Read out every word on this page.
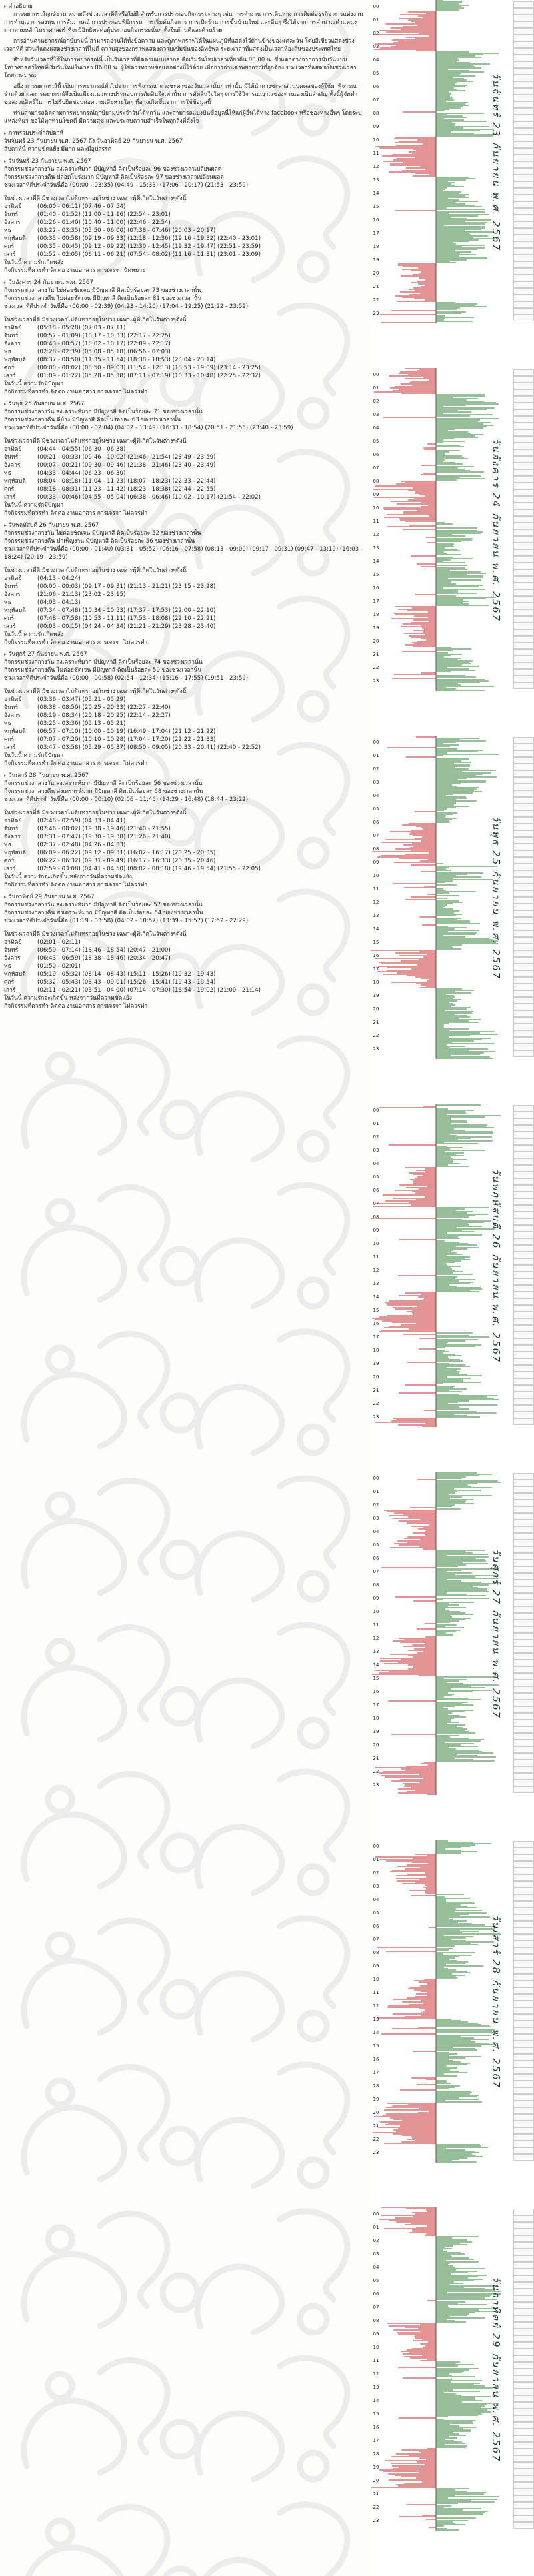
▸ คำอธิบาย

การพยากรณ์ฤกษ์ยาม หมายถึงช่วงเวลาที่ดีหรือไม่ดี สำหรับการประกอบกิจกรรมต่างๆ เช่น การทำงาน การเดินทาง การติดต่อธุรกิจ การแต่งงาน การทำบุญ การลงทุน การสัมภาษณ์ การประกอบพิธีกรรม การเริ่มต้นกิจการ การเปิดร้าน การขึ้นบ้านใหม่ และอื่นๆ ซึ่งได้จากการคำนวณตำแหน่งดาวตามหลักโหราศาสตร์ ที่จะมีอิทธิพลต่อผู้ประกอบกิจกรรมนั้นๆ ทั้งในด้านดีและด้านร้าย

การอ่านค่าพยากรณ์ฤกษ์ยามนี้ สามารถอ่านได้ทั้งข้อความ และดูภาพกราฟได้ในแผนภูมิที่แสดงไว้ด้านข้างของแต่ละวัน โดยสีเขียวแสดงช่วงเวลาที่ดี ส่วนสีแดงแสดงช่วงเวลาที่ไม่ดี ความสูงของกราฟแสดงความเข้มข้นของอิทธิพล ระยะเวลาที่แสดงเป็นเวลาท้องถิ่นของประเทศไทย

สำหรับวันเวลาที่ใช้ในการพยากรณ์นี้ เป็นวันเวลาที่คิดตามแบบสากล คือเริ่มวันใหม่เวลาเที่ยงคืน 00.00 น. ซึ่งแตกต่างจากการนับวันแบบโหราศาสตร์ไทยที่เริ่มวันใหม่ในเวลา 06.00 น. ผู้ใช้ควรทราบข้อแตกต่างนี้ไว้ด้วย เพื่อการอ่านค่าพยากรณ์ที่ถูกต้อง ช่วงเวลาที่แสดงเป็นช่วงเวลาโดยประมาณ

อนึ่ง การพยากรณ์นี้ เป็นการพยากรณ์ทั่วไปจากการพิจารณาดวงชะตาของวันเวลานั้นๆ เท่านั้น มิได้นำดวงชะตาส่วนบุคคลของผู้ใช้มาพิจารณาร่วมด้วย ผลการพยากรณ์จึงเป็นเพียงแนวทางประกอบการตัดสินใจเท่านั้น การตัดสินใจใดๆ ควรใช้วิจารณญาณของท่านเองเป็นสำคัญ ทั้งนี้ผู้จัดทำขอสงวนสิทธิ์ในการไม่รับผิดชอบต่อความเสียหายใดๆ ที่อาจเกิดขึ้นจากการใช้ข้อมูลนี้

ท่านสามารถติดตามการพยากรณ์ฤกษ์ยามประจำวันได้ทุกวัน และสามารถแบ่งปันข้อมูลนี้ให้แก่ผู้อื่นได้ทาง facebook หรือช่องทางอื่นๆ โดยระบุแหล่งที่มา ขอให้ทุกท่านโชคดี มีความสุข และประสบความสำเร็จในทุกสิ่งที่ตั้งใจ

▸ ภาพรวมประจำสัปดาห์
วันจันทร์ 23 กันยายน พ.ศ. 2567 ถึง วันอาทิตย์ 29 กันยายน พ.ศ. 2567
สัปดาห์นี้ ความขัดแย้ง มีมาก และมีอุปสรรค
▸ วันจันทร์ 23 กันยายน พ.ศ. 2567
กิจกรรมช่วงกลางวัน สงเคราะห์มาก มีปัญหาสี คิดเป็นร้อยละ 96 ของช่วงเวลาเปลี่ยนผลด
กิจกรรมช่วงกลางคืน ปลอดโปร่งมาก มีปัญหาสี คิดเป็นร้อยละ 97 ของช่วงเวลาเปลี่ยนผลด
ช่วงเวลาที่ดีประจำวันนี้คือ (00:00 - 03:35) (04:49 - 15:33) (17:06 - 20:17) (21:53 - 23:59)
ในช่วงเวลาที่ดี มีช่วงเวลาไม่ดีแทรกอยู่ในช่วง เฉพาะผู้ที่เกิดในวันต่างๆดังนี้
อาทิตย์	(06:00 - 06:11) (07:46 - 07:54)
จันทร์	(01:40 - 01:52) (11:00 - 11:16) (22:54 - 23:01)
อังคาร	(01:26 - 01:40) (10:40 - 11:00) (22:46 - 22:54)
พุธ	(03:22 - 03:35) (05:50 - 06:00) (07:38 - 07:46) (20:03 - 20:17)
พฤหัสบดี (00:35 - 00:58) (09:19 - 09:33) (12:18 - 12:36) (19:16 - 19:32) (22:40 - 23:01)
ศุกร์	(00:35 - 00:45) (09:12 - 09:22) (12:30 - 12:45) (19:32 - 19:47) (22:51 - 23:59)
เสาร์	(01:52 - 02:05) (06:11 - 06:21) (07:54 - 08:02) (11:16 - 11:31) (23:01 - 23:09)
ในวันนี้ ความรักเกิดพลัง
กิจกิจรรมที่ควรทำ ติดต่อ งานเอกสาร การเจรจา นัดหมาย
▸ วันอังคาร 24 กันยายน พ.ศ. 2567
กิจกรรมช่วงกลางวัน ไม่ค่อยชัดเจน มีปัญหาสี คิดเป็นร้อยละ 73 ของช่วงเวลานั้น
กิจกรรมช่วงกลางคืน ไม่ค่อยชัดเจน มีปัญหาสี คิดเป็นร้อยละ 81 ของช่วงเวลานั้น
ช่วงเวลาที่ดีประจำวันนี้คือ (00:00 - 02:39) (04:23 - 14:20) (17:04 - 19:25) (21:22 - 23:59)
ในช่วงเวลาที่ดี มีช่วงเวลาไม่ดีแทรกอยู่ในช่วง เฉพาะผู้ที่เกิดในวันต่างๆดังนี้
อาทิตย์	(05:18 - 05:28) (07:03 - 07:11)
จันทร์	(00:57 - 01:09) (10:17 - 10:33) (22:17 - 22:25)
อังคาร	(00:43 - 00:57) (10:02 - 10:17) (22:09 - 22:17)
พุธ	(02:28 - 02:39) (05:08 - 05:18) (06:56 - 07:03)
พฤหัสบดี (08:37 - 08:50) (11:35 - 11:54) (18:38 - 18:53) (23:04 - 23:14)
ศุกร์	(00:00 - 00:02) (08:50 - 09:03) (11:54 - 12:13) (18:53 - 19:09) (23:14 - 23:25)
เสาร์	(01:09 - 01:22) (05:28 - 05:38) (07:11 - 07:19) (10:33 - 10:48) (22:25 - 22:32)
ในวันนี้ ความรักมีปัญหา
กิจกิจรรมที่ควรทำ ติดต่อ งานเอกสาร การเจรจา ไม่ควรทำ
▸ วันพุธ 25 กันยายน พ.ศ. 2567
กิจกรรมช่วงกลางวัน สงเคราะห์มาก มีปัญหาสี คิดเป็นร้อยละ 71 ของช่วงเวลานั้น
กิจกรรมช่วงกลางคืน ดีบ้าง มีปัญหาสี คิดเป็นร้อยละ 63 ของช่วงเวลานั้น
ช่วงเวลาที่ดีประจำวันนี้คือ (00:00 - 02:04) (04:02 - 13:49) (16:33 - 18:54) (20:51 - 21:56) (23:40 - 23:59)
ในช่วงเวลาที่ดี มีช่วงเวลาไม่ดีแทรกอยู่ในช่วง เฉพาะผู้ที่เกิดในวันต่างๆดังนี้
อาทิตย์	(04:44 - 04:55) (06:30 - 06:38)
จันทร์	(00:21 - 00:33) (09:46 - 10:02) (21:46 - 21:54) (23:49 - 23:59)
อังคาร	(00:07 - 00:21) (09:30 - 09:46) (21:38 - 21:46) (23:40 - 23:49)
พุธ	(04:33 - 04:44) (06:23 - 06:30)
พฤหัสบดี (08:04 - 08:18) (11:04 - 11:23) (18:07 - 18:23) (22:33 - 22:44)
ศุกร์	(08:18 - 08:31) (11:23 - 11:42) (18:23 - 18:38) (22:44 - 22:55)
เสาร์	(00:33 - 00:46) (04:55 - 05:04) (06:38 - 06:46) (10:02 - 10:17) (21:54 - 22:02)
ในวันนี้ ความรักมีปัญหา
กิจกิจรรมที่ควรทำ ติดต่อ งานเอกสาร การเจรจา ไม่ควรทำ
▸ วันพฤหัสบดี 26 กันยายน พ.ศ. 2567
กิจกรรมช่วงกลางวัน ไม่ค่อยชัดเจน มีปัญหาสี คิดเป็นร้อยละ 52 ของช่วงเวลานั้น
กิจกรรมช่วงกลางคืน บำเพ็ญงาน มีปัญหาสี คิดเป็นร้อยละ 56 ของช่วงเวลานั้น
ช่วงเวลาที่ดีประจำวันนี้คือ (00:00 - 01:40) (03:31 - 05:52) (06:16 - 07:58) (08:13 - 09:00) (09:17 - 09:31) (09:47 - 13:19) (16:03 - 18:24) (20:19 - 23:59)
ในช่วงเวลาที่ดี มีช่วงเวลาไม่ดีแทรกอยู่ในช่วง เฉพาะผู้ที่เกิดในวันต่างๆดังนี้
อาทิตย์	(04:13 - 04:24)
จันทร์	(00:00 - 00:03) (09:17 - 09:31) (21:13 - 21:21) (23:15 - 23:28)
อังคาร	(21:06 - 21:13) (23:02 - 23:15)
พุธ	(04:03 - 04:13)
พฤหัสบดี (07:34 - 07:48) (10:34 - 10:53) (17:37 - 17:53) (22:00 - 22:10)
ศุกร์	(07:48 - 07:58) (10:53 - 11:11) (17:53 - 18:08) (22:10 - 22:21)
เสาร์	(00:03 - 00:15) (04:24 - 04:34) (21:21 - 21:29) (23:28 - 23:40)
ในวันนี้ ความรักเกิดพลัง
กิจกิจรรมที่ควรทำ ติดต่อ งานเอกสาร การเจรจา ไม่ควรทำ
▸ วันศุกร์ 27 กันยายน พ.ศ. 2567
กิจกรรมช่วงกลางวัน สงเคราะห์มาก มีปัญหาสี คิดเป็นร้อยละ 74 ของช่วงเวลานั้น
กิจกรรมช่วงกลางคืน ไม่ค่อยชัดเจน มีปัญหาสี คิดเป็นร้อยละ 50 ของช่วงเวลานั้น
ช่วงเวลาที่ดีประจำวันนี้คือ (00:00 - 00:58) (02:54 - 12:34) (15:16 - 17:55) (19:51 - 23:59)
ในช่วงเวลาที่ดี มีช่วงเวลาไม่ดีแทรกอยู่ในช่วง เฉพาะผู้ที่เกิดในวันต่างๆดังนี้
อาทิตย์	(03:36 - 03:47) (05:21 - 05:29)
จันทร์	(08:38 - 08:50) (20:25 - 20:33) (22:27 - 22:40)
อังคาร	(08:19 - 08:34) (20:18 - 20:25) (22:14 - 22:27)
พุธ	(03:25 - 03:36) (05:13 - 05:21)
พฤหัสบดี (06:57 - 07:10) (10:00 - 10:19) (16:49 - 17:04) (21:12 - 21:22)
ศุกร์	(07:07 - 07:20) (10:10 - 10:28) (17:04 - 17:20) (21:22 - 21:33)
เสาร์	(03:47 - 03:58) (05:29 - 05:37) (08:50 - 09:05) (20:33 - 20:41) (22:40 - 22:52)
ในวันนี้ ความรักมีปัญหา
กิจกิจรรมที่ควรทำ ติดต่อ งานเอกสาร การเจรจา ไม่ควรทำ
▸ วันเสาร์ 28 กันยายน พ.ศ. 2567
กิจกรรมช่วงกลางวัน สงเคราะห์มาก มีปัญหาสี คิดเป็นร้อยละ 56 ของช่วงเวลานั้น
กิจกรรมช่วงกลางคืน สงเคราะห์มาก มีปัญหาสี คิดเป็นร้อยละ 68 ของช่วงเวลานั้น
ช่วงเวลาที่ดีประจำวันนี้คือ (00:00 - 00:10) (02:06 - 11:46) (14:29 - 16:48) (18:44 - 23:22)
ในช่วงเวลาที่ดี มีช่วงเวลาไม่ดีแทรกอยู่ในช่วง เฉพาะผู้ที่เกิดในวันต่างๆดังนี้
อาทิตย์	(02:48 - 02:59) (04:33 - 04:41)
จันทร์	(07:46 - 08:02) (19:38 - 19:46) (21:40 - 21:55)
อังคาร	(07:31 - 07:47) (19:30 - 19:38) (21:26 - 21:40)
พุธ	(02:37 - 02:48) (04:26 - 04:33)
พฤหัสบดี (06:09 - 06:22) (09:12 - 09:31) (16:02 - 16:17) (20:25 - 20:35)
ศุกร์	(06:22 - 06:32) (09:31 - 09:49) (16:17 - 16:33) (20:35 - 20:46)
เสาร์	(02:59 - 03:08) (04:41 - 04:50) (08:02 - 08:18) (19:46 - 19:54) (21:55 - 22:05)
ในวันนี้ ความรักจะเกิดขึ้น หลังจากวันที่ความขัดแย้ง
กิจกิจรรมที่ควรทำ ติดต่อ งานเอกสาร การเจรจา ไม่ควรทำ
▸ วันอาทิตย์ 29 กันยายน พ.ศ. 2567
กิจกรรมช่วงกลางวัน สงเคราะห์มาก มีปัญหาสี คิดเป็นร้อยละ 57 ของช่วงเวลานั้น
กิจกรรมช่วงกลางคืน สงเคราะห์มาก มีปัญหาสี คิดเป็นร้อยละ 64 ของช่วงเวลานั้น
ช่วงเวลาที่ดีประจำวันนี้คือ (01:19 - 03:58) (04:02 - 10:57) (13:39 - 15:57) (17:52 - 22:29)
ในช่วงเวลาที่ดี มีช่วงเวลาไม่ดีแทรกอยู่ในช่วง เฉพาะผู้ที่เกิดในวันต่างๆดังนี้
อาทิตย์	(02:01 - 02:11)
จันทร์	(06:59 - 07:14) (18:46 - 18:54) (20:47 - 21:00)
อังคาร	(06:43 - 06:59) (18:38 - 18:46) (20:34 - 20:47)
พุธ	(01:50 - 02:01)
พฤหัสบดี (05:19 - 05:32) (08:14 - 08:43) (15:11 - 15:26) (19:32 - 19:43)
ศุกร์	(05:32 - 05:43) (08:43 - 09:01) (15:26 - 15:41) (19:43 - 19:54)
เสาร์	(02:11 - 02:21) (03:51 - 04:00) (07:14 - 07:30) (18:54 - 19:02) (21:00 - 21:14)
ในวันนี้ ความรักจะเกิดขึ้น หลังจากวันที่ความขัดแย้ง
กิจกิจรรมที่ควรทำ ติดต่อ งานเอกสาร การเจรจา ไม่ควรทำ
00
01
02
03
04
05
06
07
08
09
10
11
12
13
14
15
16
17
18
19
20
21
22
23
วันจันทร์ 23 กันยายน พ.ศ. 2567
00
01
02
03
04
05
06
07
08
09
10
11
12
13
14
15
16
17
18
19
20
21
22
23
วันอังคาร 24 กันยายน พ.ศ. 2567
00
01
02
03
04
05
06
07
08
09
10
11
12
13
14
15
16
17
18
19
20
21
22
23
วันพุธ 25 กันยายน พ.ศ. 2567
00
01
02
03
04
05
06
07
08
09
10
11
12
13
14
15
16
17
18
19
20
21
22
23
วันพฤหัสบดี 26 กันยายน พ.ศ. 2567
00
01
02
03
04
05
06
07
08
09
10
11
12
13
14
15
16
17
18
19
20
21
22
23
วันศุกร์ 27 กันยายน พ.ศ. 2567
00
01
02
03
04
05
06
07
08
09
10
11
12
13
14
15
16
17
18
19
20
21
22
23
วันเสาร์ 28 กันยายน พ.ศ. 2567
00
01
02
03
04
05
06
07
08
09
10
11
12
13
14
15
16
17
18
19
20
21
22
23
วันอาทิตย์ 29 กันยายน พ.ศ. 2567
